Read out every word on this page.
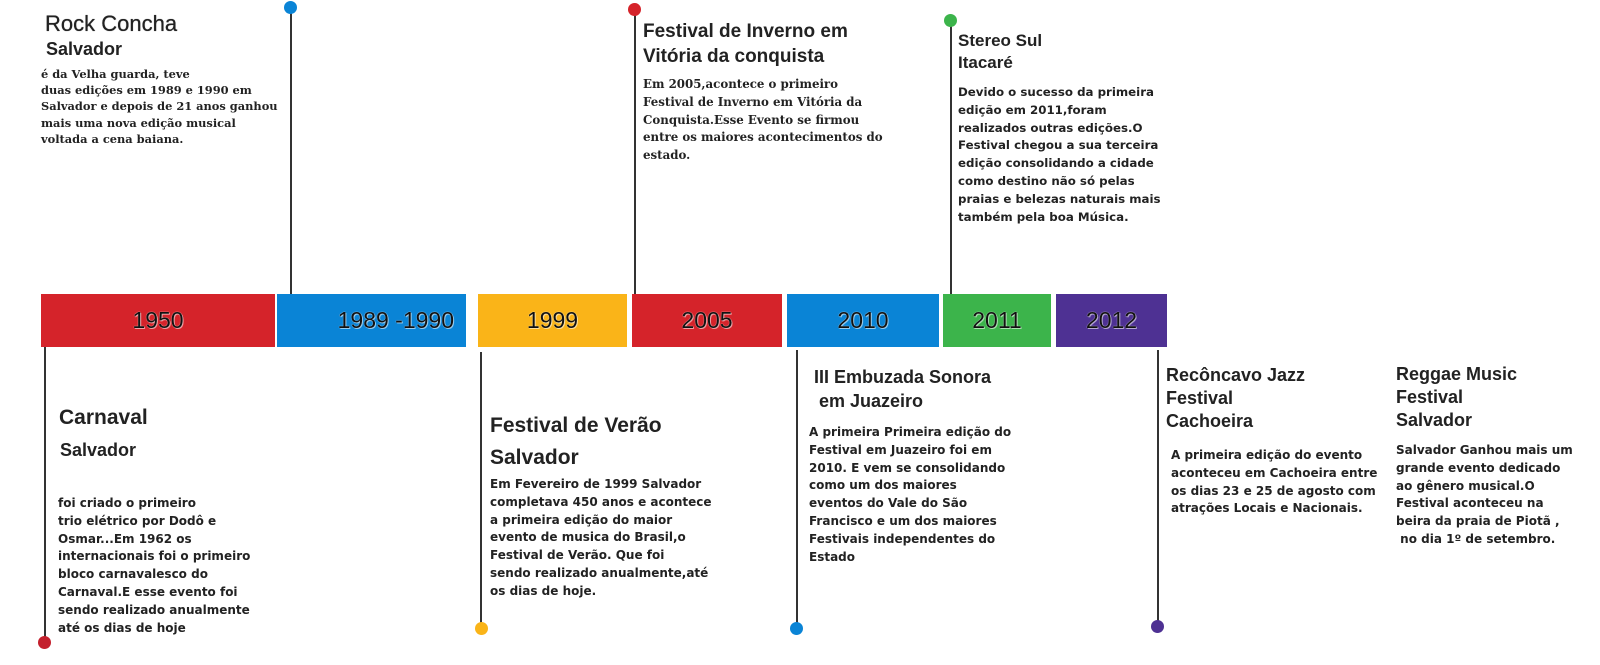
1950	1989 -1990	1999	2005	2010	2011	2012
Rock Concha
Salvador
é da Velha guarda, teve
duas edições em 1989 e 1990 em
Salvador e depois de 21 anos ganhou
mais uma nova edição musical
voltada a cena baiana.
Festival de Inverno em
Vitória da conquista
Em 2005,acontece o primeiro
Festival de Inverno em Vitória da
Conquista.Esse Evento se firmou
entre os maiores acontecimentos do
estado.
Stereo Sul
Itacaré
Devido o sucesso da primeira
edição em 2011,foram
realizados outras edições.O
Festival chegou a sua terceira
edição consolidando a cidade
como destino não só pelas
praias e belezas naturais mais
também pela boa Música.
Carnaval
Salvador
foi criado o primeiro
trio elétrico por Dodô e
Osmar...Em 1962 os
internacionais foi o primeiro
bloco carnavalesco do
Carnaval.E esse evento foi
sendo realizado anualmente
até os dias de hoje
Festival de Verão
Salvador
Em Fevereiro de 1999 Salvador
completava 450 anos e acontece
a primeira edição do maior
evento de musica do Brasil,o
Festival de Verão. Que foi
sendo realizado anualmente,até
os dias de hoje.
III Embuzada Sonora
em Juazeiro
A primeira Primeira edição do
Festival em Juazeiro foi em
2010. E vem se consolidando
como um dos maiores
eventos do Vale do São
Francisco e um dos maiores
Festivais independentes do
Estado
Recôncavo Jazz
Festival
Cachoeira
A primeira edição do evento
aconteceu em Cachoeira entre
os dias 23 e 25 de agosto com
atrações Locais e Nacionais.
Reggae Music
Festival
Salvador
Salvador Ganhou mais um
grande evento dedicado
ao gênero musical.O
Festival aconteceu na
beira da praia de Piotã ,
no dia 1º de setembro.
